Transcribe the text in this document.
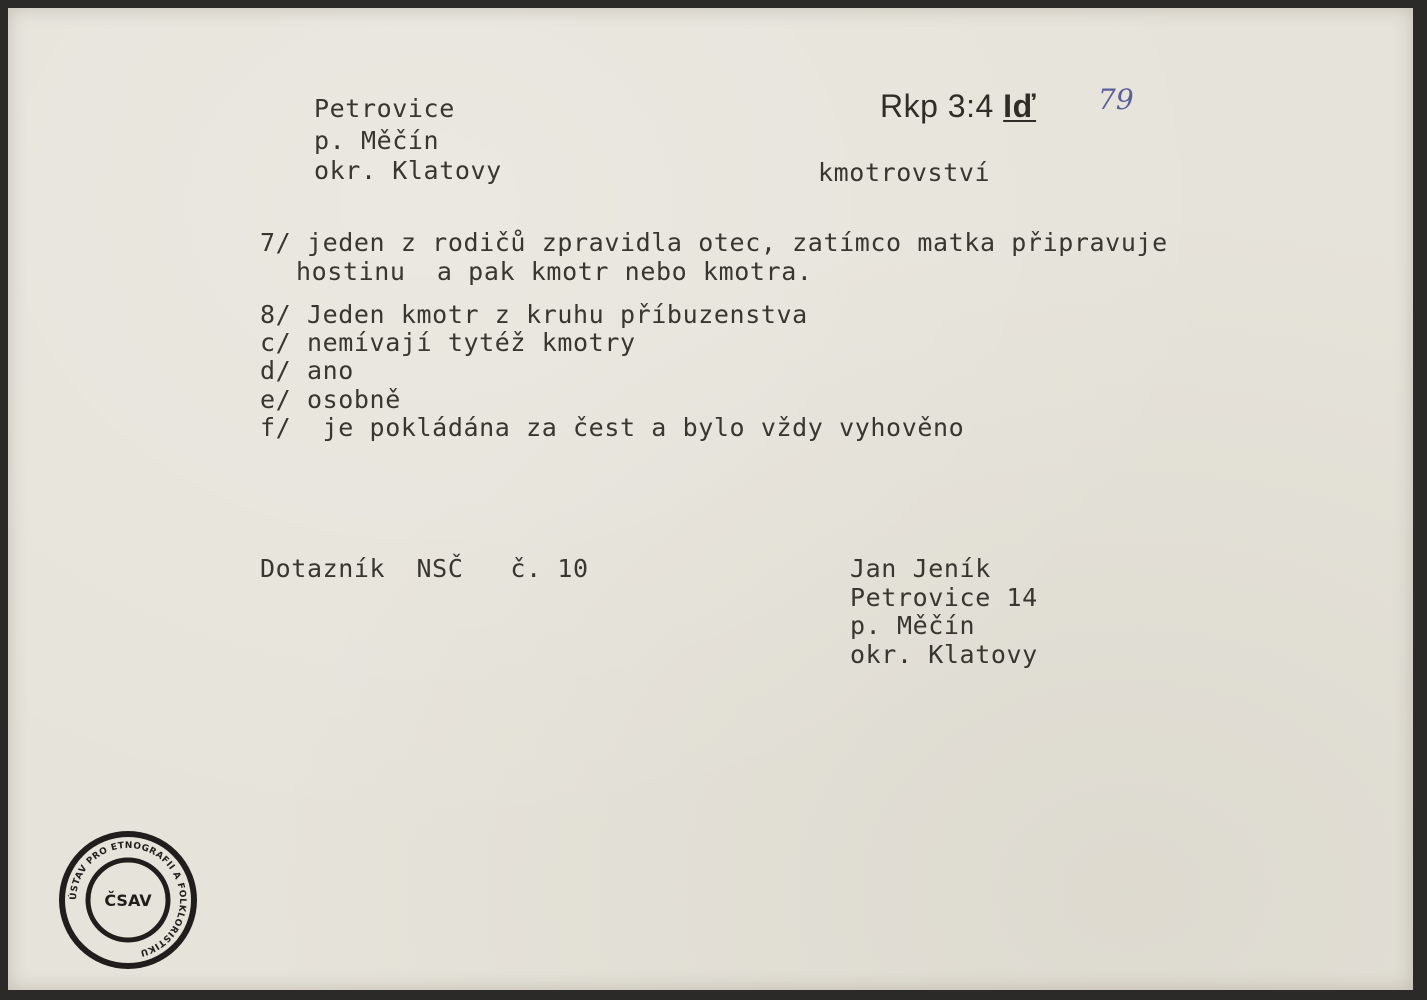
Petrovice
p. Měčín
okr. Klatovy
Rkp 3:4 Iď 79
kmotrovství
7/ jeden z rodičů zpravidla otec, zatímco matka připravuje
hostinu  a pak kmotr nebo kmotra.
8/ Jeden kmotr z kruhu příbuzenstva
c/ nemívají tytéž kmotry
d/ ano
e/ osobně
f/  je pokládána za čest a bylo vždy vyhověno
Dotazník  NSČ   č. 10	Jan Jeník
Petrovice 14
p. Měčín
okr. Klatovy
ÚSTAV PRO ETNOGRAFII A FOLKLORISTIKU
ČSAV
